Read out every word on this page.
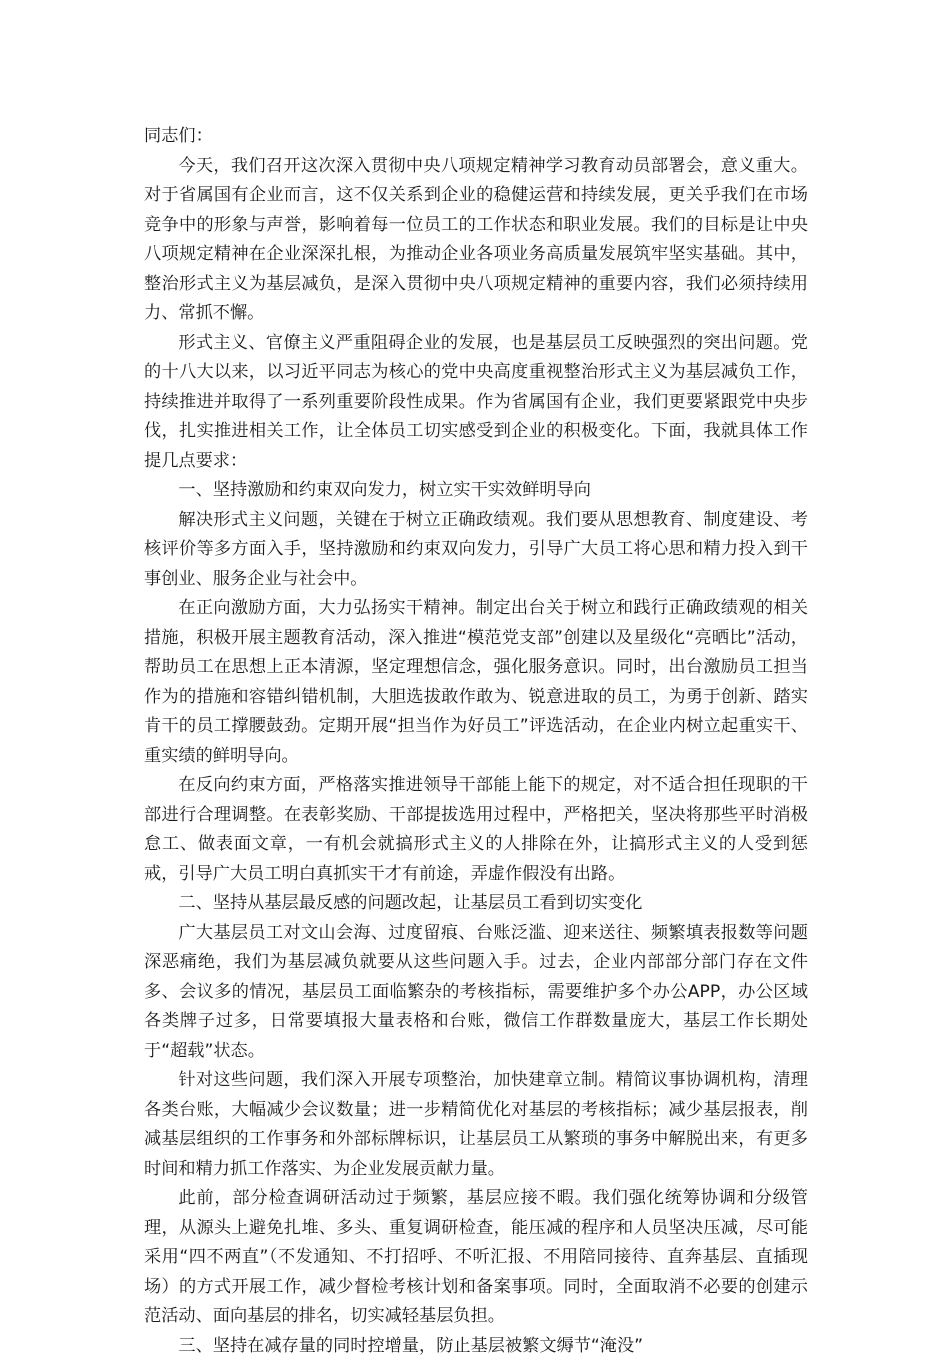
同志们：

今天，我们召开这次深入贯彻中央八项规定精神学习教育动员部署会，意义重大。对于省属国有企业而言，这不仅关系到企业的稳健运营和持续发展，更关乎我们在市场竞争中的形象与声誉，影响着每一位员工的工作状态和职业发展。我们的目标是让中央八项规定精神在企业深深扎根，为推动企业各项业务高质量发展筑牢坚实基础。其中，整治形式主义为基层减负，是深入贯彻中央八项规定精神的重要内容，我们必须持续用力、常抓不懈。

形式主义、官僚主义严重阻碍企业的发展，也是基层员工反映强烈的突出问题。党的十八大以来，以习近平同志为核心的党中央高度重视整治形式主义为基层减负工作，持续推进并取得了一系列重要阶段性成果。作为省属国有企业，我们更要紧跟党中央步伐，扎实推进相关工作，让全体员工切实感受到企业的积极变化。下面，我就具体工作提几点要求：

一、坚持激励和约束双向发力，树立实干实效鲜明导向

解决形式主义问题，关键在于树立正确政绩观。我们要从思想教育、制度建设、考核评价等多方面入手，坚持激励和约束双向发力，引导广大员工将心思和精力投入到干事创业、服务企业与社会中。

在正向激励方面，大力弘扬实干精神。制定出台关于树立和践行正确政绩观的相关措施，积极开展主题教育活动，深入推进“模范党支部”创建以及星级化“亮晒比”活动，帮助员工在思想上正本清源，坚定理想信念，强化服务意识。同时，出台激励员工担当作为的措施和容错纠错机制，大胆选拔敢作敢为、锐意进取的员工，为勇于创新、踏实肯干的员工撑腰鼓劲。定期开展“担当作为好员工”评选活动，在企业内树立起重实干、重实绩的鲜明导向。

在反向约束方面，严格落实推进领导干部能上能下的规定，对不适合担任现职的干部进行合理调整。在表彰奖励、干部提拔选用过程中，严格把关，坚决将那些平时消极怠工、做表面文章，一有机会就搞形式主义的人排除在外，让搞形式主义的人受到惩戒，引导广大员工明白真抓实干才有前途，弄虚作假没有出路。

二、坚持从基层最反感的问题改起，让基层员工看到切实变化

广大基层员工对文山会海、过度留痕、台账泛滥、迎来送往、频繁填表报数等问题深恶痛绝，我们为基层减负就要从这些问题入手。过去，企业内部部分部门存在文件多、会议多的情况，基层员工面临繁杂的考核指标，需要维护多个办公APP，办公区域各类牌子过多，日常要填报大量表格和台账，微信工作群数量庞大，基层工作长期处于“超载”状态。

针对这些问题，我们深入开展专项整治，加快建章立制。精简议事协调机构，清理各类台账，大幅减少会议数量；进一步精简优化对基层的考核指标；减少基层报表，削减基层组织的工作事务和外部标牌标识，让基层员工从繁琐的事务中解脱出来，有更多时间和精力抓工作落实、为企业发展贡献力量。

此前，部分检查调研活动过于频繁，基层应接不暇。我们强化统筹协调和分级管理，从源头上避免扎堆、多头、重复调研检查，能压减的程序和人员坚决压减，尽可能采用“四不两直”（不发通知、不打招呼、不听汇报、不用陪同接待、直奔基层、直插现场）的方式开展工作，减少督检考核计划和备案事项。同时，全面取消不必要的创建示范活动、面向基层的排名，切实减轻基层负担。

三、坚持在减存量的同时控增量，防止基层被繁文缛节“淹没”
